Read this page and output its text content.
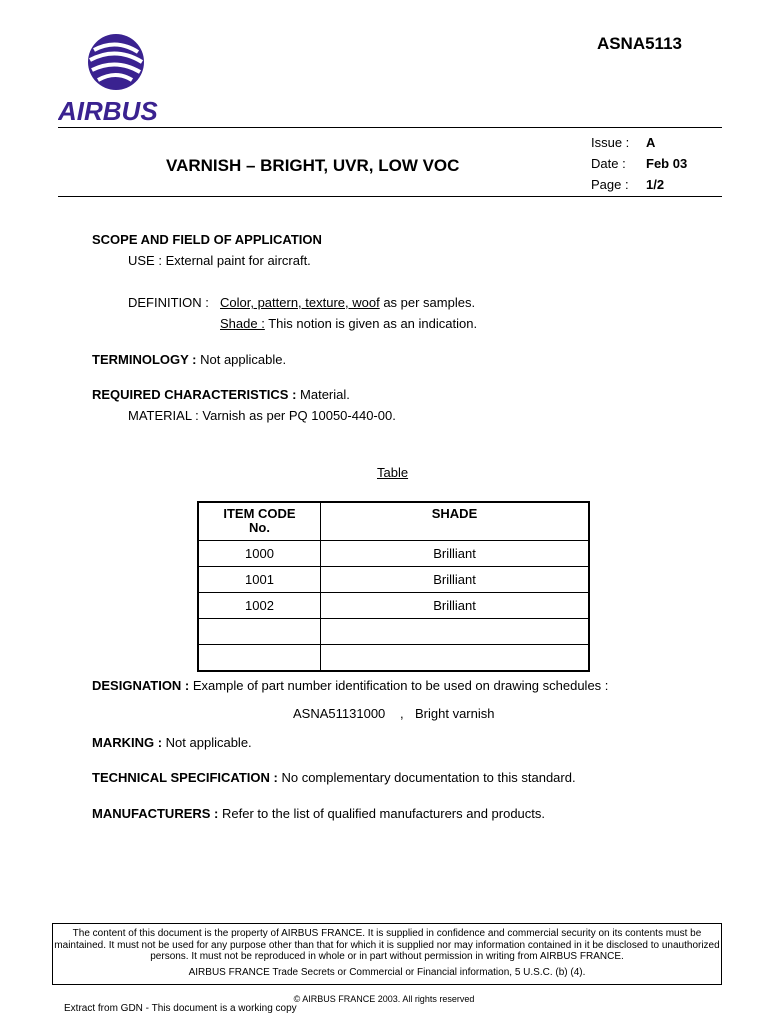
AIRBUS
ASNA5113
VARNISH – BRIGHT, UVR, LOW VOC
Issue : A
Date : Feb 03
Page : 1/2
SCOPE AND FIELD OF APPLICATION
USE : External paint for aircraft.
DEFINITION : Color, pattern, texture, woof as per samples.
Shade : This notion is given as an indication.
TERMINOLOGY : Not applicable.
REQUIRED CHARACTERISTICS : Material.
MATERIAL : Varnish as per PQ 10050-440-00.
Table
ITEM CODE
No.	SHADE
1000	Brilliant
1001	Brilliant
1002	Brilliant

DESIGNATION : Example of part number identification to be used on drawing schedules :
ASNA51131000 , Bright varnish
MARKING : Not applicable.
TECHNICAL SPECIFICATION : No complementary documentation to this standard.
MANUFACTURERS : Refer to the list of qualified manufacturers and products.
The content of this document is the property of AIRBUS FRANCE. It is supplied in confidence and commercial security on its contents must be maintained. It must not be used for any purpose other than that for which it is supplied nor may information contained in it be disclosed to unauthorized persons. It must not be reproduced in whole or in part without permission in writing from AIRBUS FRANCE.
AIRBUS FRANCE Trade Secrets or Commercial or Financial information, 5 U.S.C. (b) (4).
© AIRBUS FRANCE 2003. All rights reserved
Extract from GDN - This document is a working copy
